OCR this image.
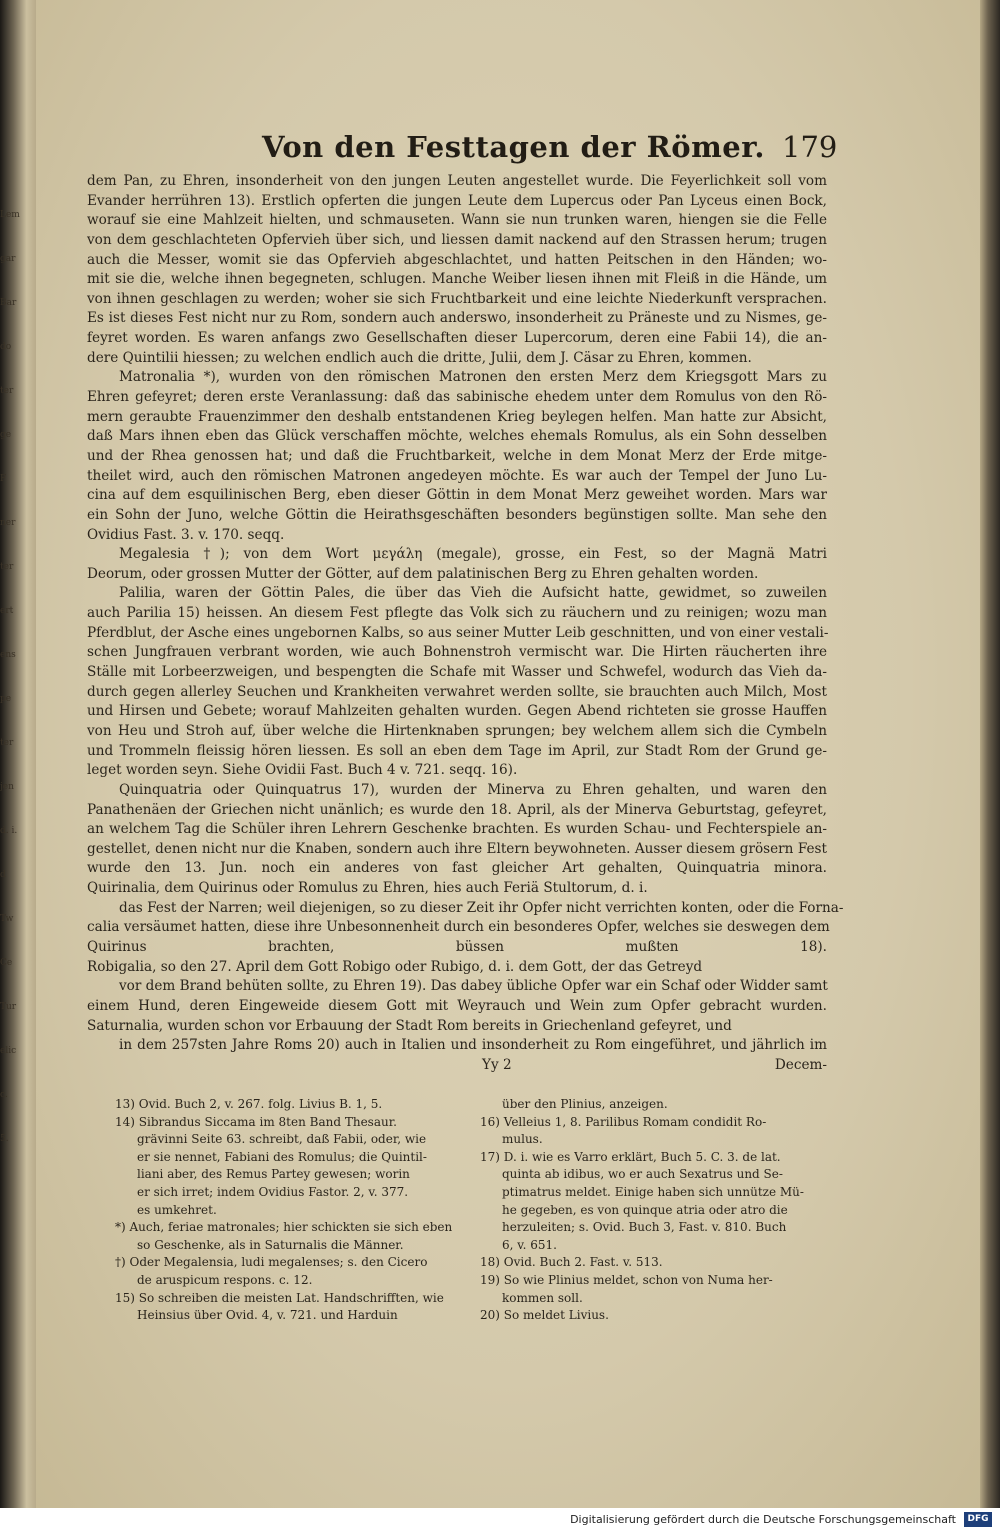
Lem
gar
Bar
do
ter
ge
F
ner
ter
ert
ens
pe
ter
jen
d. i.
d
Tw
Ce
Tur
elic
c.
5.
Von den Festtagen der Römer. 179
dem Pan, zu Ehren, insonderheit von den jungen Leuten angestellet wurde. Die Feyerlichkeit soll vom
Evander herrühren 13). Erstlich opferten die jungen Leute dem Lupercus oder Pan Lyceus einen Bock,
worauf sie eine Mahlzeit hielten, und schmauseten. Wann sie nun trunken waren, hiengen sie die Felle
von dem geschlachteten Opfervieh über sich, und liessen damit nackend auf den Strassen herum; trugen
auch die Messer, womit sie das Opfervieh abgeschlachtet, und hatten Peitschen in den Händen; wo-
mit sie die, welche ihnen begegneten, schlugen. Manche Weiber liesen ihnen mit Fleiß in die Hände, um
von ihnen geschlagen zu werden; woher sie sich Fruchtbarkeit und eine leichte Niederkunft versprachen.
Es ist dieses Fest nicht nur zu Rom, sondern auch anderswo, insonderheit zu Präneste und zu Nismes, ge-
feyret worden. Es waren anfangs zwo Gesellschaften dieser Lupercorum, deren eine Fabii 14), die an-
dere Quintilii hiessen; zu welchen endlich auch die dritte, Julii, dem J. Cäsar zu Ehren, kommen.
Matronalia *), wurden von den römischen Matronen den ersten Merz dem Kriegsgott Mars zu
Ehren gefeyret; deren erste Veranlassung: daß das sabinische ehedem unter dem Romulus von den Rö-
mern geraubte Frauenzimmer den deshalb entstandenen Krieg beylegen helfen. Man hatte zur Absicht,
daß Mars ihnen eben das Glück verschaffen möchte, welches ehemals Romulus, als ein Sohn desselben
und der Rhea genossen hat; und daß die Fruchtbarkeit, welche in dem Monat Merz der Erde mitge-
theilet wird, auch den römischen Matronen angedeyen möchte. Es war auch der Tempel der Juno Lu-
cina auf dem esquilinischen Berg, eben dieser Göttin in dem Monat Merz geweihet worden. Mars war
ein Sohn der Juno, welche Göttin die Heirathsgeschäften besonders begünstigen sollte. Man sehe den
Ovidius Fast. 3. v. 170. seqq.
Megalesia †); von dem Wort μεγάλη (megale), grosse, ein Fest, so der Magnä Matri
Deorum, oder grossen Mutter der Götter, auf dem palatinischen Berg zu Ehren gehalten worden.
Palilia, waren der Göttin Pales, die über das Vieh die Aufsicht hatte, gewidmet, so zuweilen
auch Parilia 15) heissen. An diesem Fest pflegte das Volk sich zu räuchern und zu reinigen; wozu man
Pferdblut, der Asche eines ungebornen Kalbs, so aus seiner Mutter Leib geschnitten, und von einer vestali-
schen Jungfrauen verbrant worden, wie auch Bohnenstroh vermischt war. Die Hirten räucherten ihre
Ställe mit Lorbeerzweigen, und bespengten die Schafe mit Wasser und Schwefel, wodurch das Vieh da-
durch gegen allerley Seuchen und Krankheiten verwahret werden sollte, sie brauchten auch Milch, Most
und Hirsen und Gebete; worauf Mahlzeiten gehalten wurden. Gegen Abend richteten sie grosse Hauffen
von Heu und Stroh auf, über welche die Hirtenknaben sprungen; bey welchem allem sich die Cymbeln
und Trommeln fleissig hören liessen. Es soll an eben dem Tage im April, zur Stadt Rom der Grund ge-
leget worden seyn. Siehe Ovidii Fast. Buch 4 v. 721. seqq. 16).
Quinquatria oder Quinquatrus 17), wurden der Minerva zu Ehren gehalten, und waren den
Panathenäen der Griechen nicht unänlich; es wurde den 18. April, als der Minerva Geburtstag, gefeyret,
an welchem Tag die Schüler ihren Lehrern Geschenke brachten. Es wurden Schau- und Fechterspiele an-
gestellet, denen nicht nur die Knaben, sondern auch ihre Eltern beywohneten. Ausser diesem grösern Fest
wurde den 13. Jun. noch ein anderes von fast gleicher Art gehalten, Quinquatria minora.
Quirinalia, dem Quirinus oder Romulus zu Ehren, hies auch Feriä Stultorum, d. i.
das Fest der Narren; weil diejenigen, so zu dieser Zeit ihr Opfer nicht verrichten konten, oder die Forna-
calia versäumet hatten, diese ihre Unbesonnenheit durch ein besonderes Opfer, welches sie deswegen dem
Quirinus brachten, büssen mußten 18).
Robigalia, so den 27. April dem Gott Robigo oder Rubigo, d. i. dem Gott, der das Getreyd
vor dem Brand behüten sollte, zu Ehren 19). Das dabey übliche Opfer war ein Schaf oder Widder samt
einem Hund, deren Eingeweide diesem Gott mit Weyrauch und Wein zum Opfer gebracht wurden.
Saturnalia, wurden schon vor Erbauung der Stadt Rom bereits in Griechenland gefeyret, und
in dem 257sten Jahre Roms 20) auch in Italien und insonderheit zu Rom eingeführet, und jährlich im
Yy 2	Decem-
13) Ovid. Buch 2, v. 267. folg. Livius B. 1, 5.
14) Sibrandus Siccama im 8ten Band Thesaur.
grävinni Seite 63. schreibt, daß Fabii, oder, wie
er sie nennet, Fabiani des Romulus; die Quintil-
liani aber, des Remus Partey gewesen; worin
er sich irret; indem Ovidius Fastor. 2, v. 377.
es umkehret.
*) Auch, feriae matronales; hier schickten sie sich eben
so Geschenke, als in Saturnalis die Männer.
†) Oder Megalensia, ludi megalenses; s. den Cicero
de aruspicum respons. c. 12.
15) So schreiben die meisten Lat. Handschrifften, wie
Heinsius über Ovid. 4, v. 721. und Harduin
über den Plinius, anzeigen.
16) Velleius 1, 8. Parilibus Romam condidit Ro-
mulus.
17) D. i. wie es Varro erklärt, Buch 5. C. 3. de lat.
quinta ab idibus, wo er auch Sexatrus und Se-
ptimatrus meldet. Einige haben sich unnütze Mü-
he gegeben, es von quinque atria oder atro die
herzuleiten; s. Ovid. Buch 3, Fast. v. 810. Buch
6, v. 651.
18) Ovid. Buch 2. Fast. v. 513.
19) So wie Plinius meldet, schon von Numa her-
kommen soll.
20) So meldet Livius.
Digitalisierung gefördert durch die Deutsche Forschungsgemeinschaft	DFG
